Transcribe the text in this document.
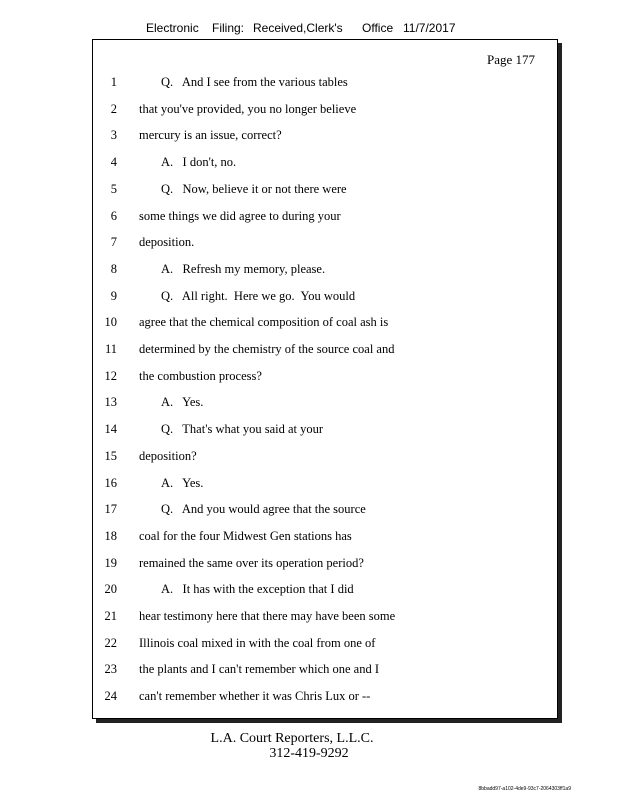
Electronic Filing: Received,Clerk's Office 11/7/2017
Page 177
1	Q.   And I see from the various tables
2 that you've provided, you no longer believe
3 mercury is an issue, correct?
4	A.   I don't, no.
5	Q.   Now, believe it or not there were
6 some things we did agree to during your
7 deposition.
8	A.   Refresh my memory, please.
9	Q.   All right.  Here we go.  You would
10 agree that the chemical composition of coal ash is
11 determined by the chemistry of the source coal and
12 the combustion process?
13	A.   Yes.
14	Q.   That's what you said at your
15 deposition?
16	A.   Yes.
17	Q.   And you would agree that the source
18 coal for the four Midwest Gen stations has
19 remained the same over its operation period?
20	A.   It has with the exception that I did
21 hear testimony here that there may have been some
22 Illinois coal mixed in with the coal from one of
23 the plants and I can't remember which one and I
24 can't remember whether it was Chris Lux or --
L.A. Court Reporters, L.L.C.
312-419-9292
8bbadd97-a102-4de9-93c7-2064303ff1a9
